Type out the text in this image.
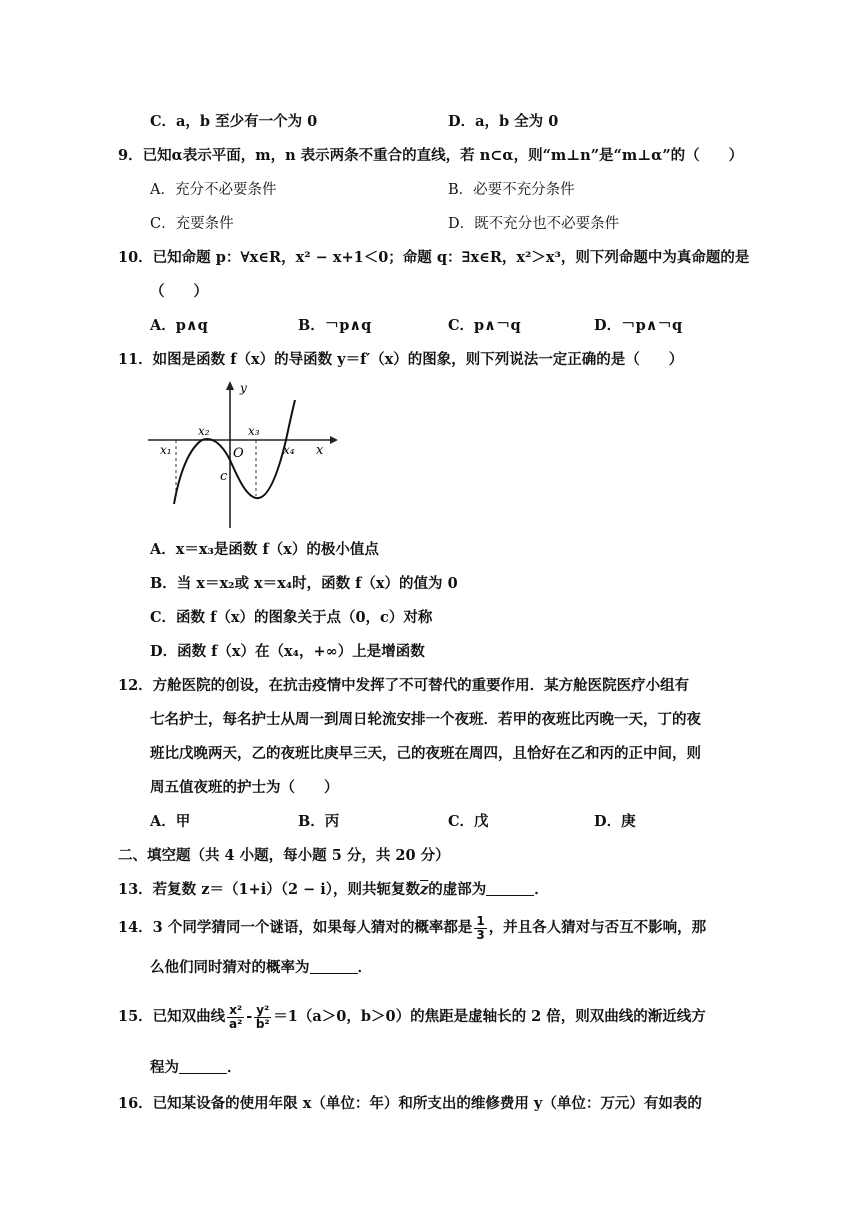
C．a，b 至少有一个为 0	D．a，b 全为 0
9．已知α表示平面，m，n 表示两条不重合的直线，若 n⊂α，则“m⊥n”是“m⊥α”的（　　）
A．充分不必要条件	B．必要不充分条件
C．充要条件	D．既不充分也不必要条件
10．已知命题 p：∀x∈R，x² − x+1＜0；命题 q：∃x∈R，x²＞x³，则下列命题中为真命题的是
（　　）
A．p∧q	B．￢p∧q	C．p∧￢q	D．￢p∧￢q
11．如图是函数 f（x）的导函数 y＝f′（x）的图象，则下列说法一定正确的是（　　）
y
x
O
c
x₁
x₂	x₃
x₄
A．x＝x₃是函数 f（x）的极小值点
B．当 x＝x₂或 x＝x₄时，函数 f（x）的值为 0
C．函数 f（x）的图象关于点（0，c）对称
D．函数 f（x）在（x₄，+∞）上是增函数
12．方舱医院的创设，在抗击疫情中发挥了不可替代的重要作用．某方舱医院医疗小组有
七名护士，每名护士从周一到周日轮流安排一个夜班．若甲的夜班比丙晚一天，丁的夜
班比戊晚两天，乙的夜班比庚早三天，己的夜班在周四，且恰好在乙和丙的正中间，则
周五值夜班的护士为（　　）
A．甲	B．丙	C．戊	D．庚
二、填空题（共 4 小题，每小题 5 分，共 20 分）
13．若复数 z＝（1+i）（2 − i），则共轭复数$\overline{z}$的虚部为	．
14．3 个同学猜同一个谜语，如果每人猜对的概率都是 $\frac{1}{3}$ ，并且各人猜对与否互不影响，那
么他们同时猜对的概率为	．
15．已知双曲线 $\frac{\text{x²}}{\text{a²}} - \frac{\text{y²}}{\text{b²}} =1(a>0$，b＞0）的焦距是虚轴长的 2 倍，则双曲线的渐近线方
程为	．
16．已知某设备的使用年限 x（单位：年）和所支出的维修费用 y（单位：万元）有如表的
